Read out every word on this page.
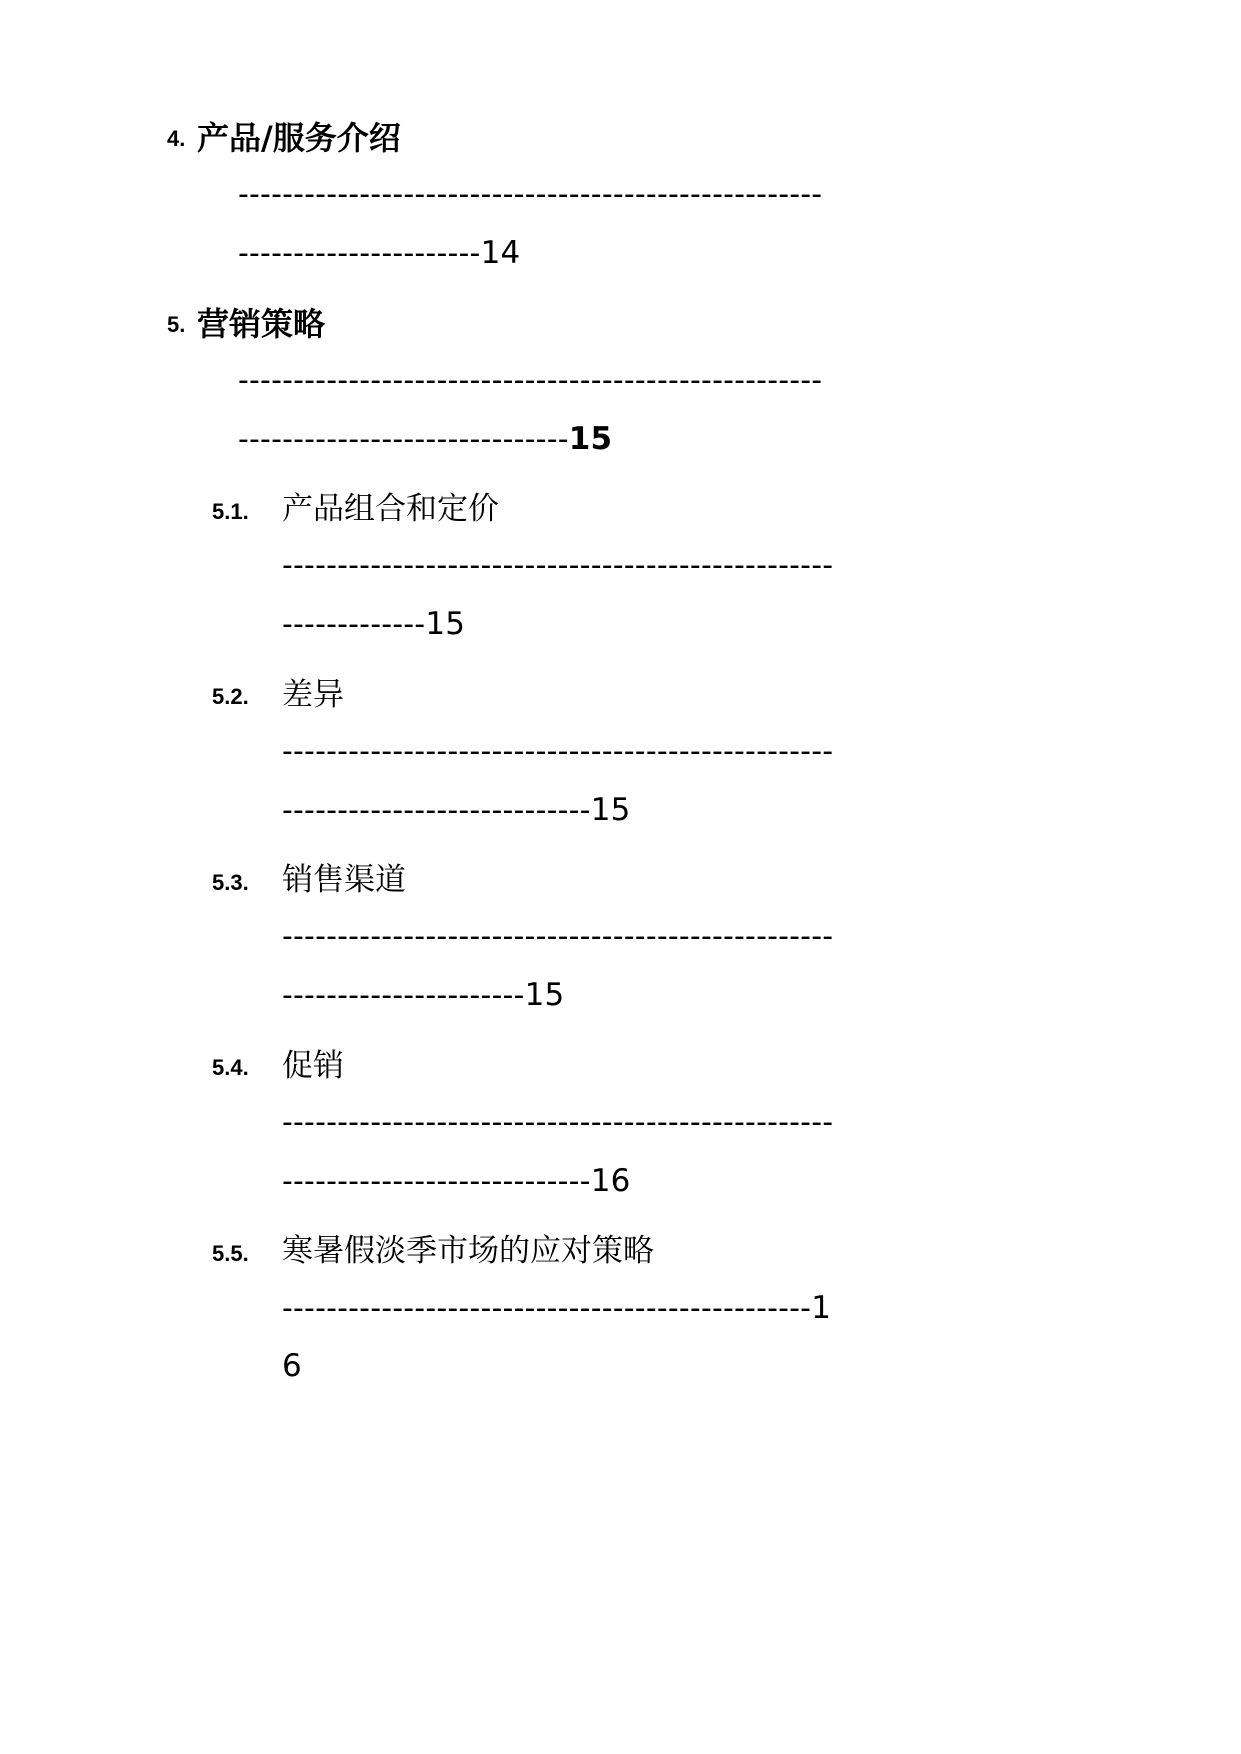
4. 产品/服务介绍
-----------------------------------------------------
----------------------14
5. 营销策略
-----------------------------------------------------
------------------------------15
5.1. 产品组合和定价
--------------------------------------------------
-------------15
5.2. 差异
--------------------------------------------------
----------------------------15
5.3. 销售渠道
--------------------------------------------------
----------------------15
5.4. 促销
--------------------------------------------------
----------------------------16
5.5. 寒暑假淡季市场的应对策略
------------------------------------------------1
6
